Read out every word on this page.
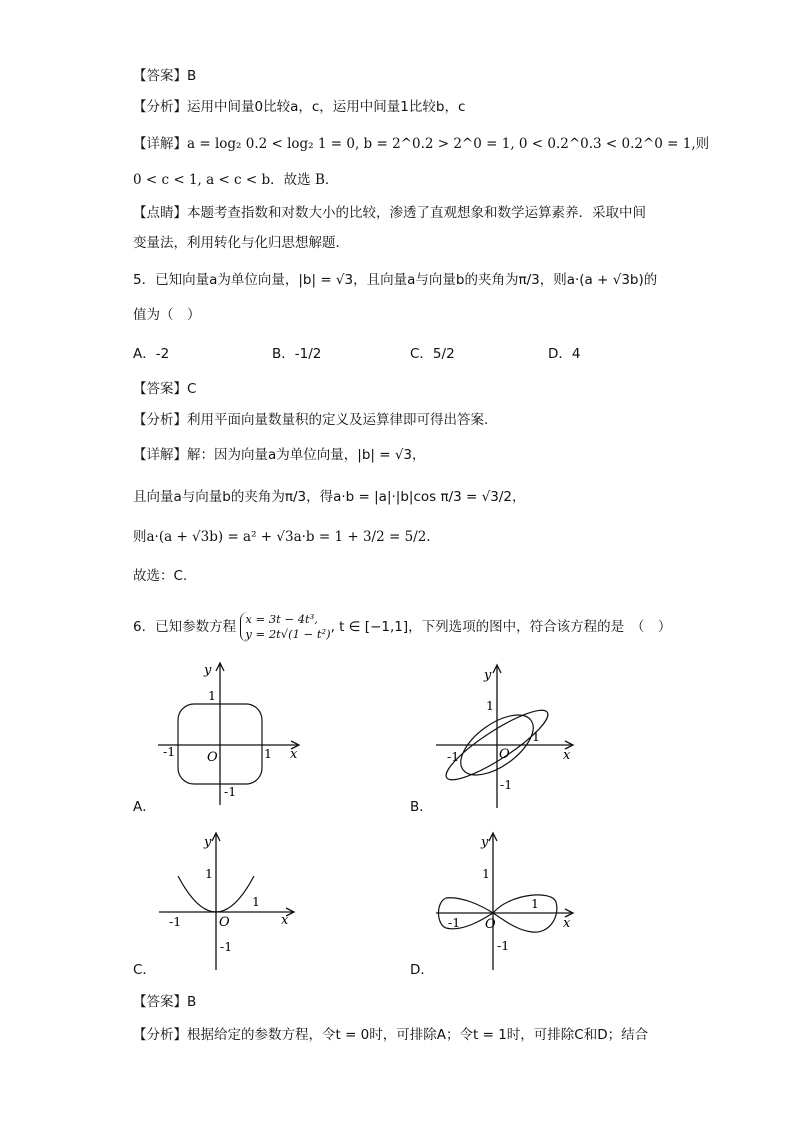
【答案】B
【分析】运用中间量0比较a，c，运用中间量1比较b，c
【详解】a = log₂ 0.2 < log₂ 1 = 0, b = 2^0.2 > 2^0 = 1, 0 < 0.2^0.3 < 0.2^0 = 1,则
0 < c < 1, a < c < b．故选 B．
【点睛】本题考查指数和对数大小的比较，渗透了直观想象和数学运算素养．采取中间
变量法，利用转化与化归思想解题．
5．已知向量a为单位向量，|b| = √3，且向量a与向量b的夹角为π/3，则a·(a + √3b)的
值为（　）
A．-2	B．-1/2	C．5/2	D．4
【答案】C
【分析】利用平面向量数量积的定义及运算律即可得出答案.
【详解】解：因为向量a为单位向量，|b| = √3，
且向量a与向量b的夹角为π/3，得a·b = |a|·|b|cos π/3 = √3/2，
则a·(a + √3b) = a² + √3a·b = 1 + 3/2 = 5/2.
故选：C.
6．已知参数方程 x = 3t − 4t³,
y = 2t√(1 − t²) , t ∈ [−1,1]，下列选项的图中，符合该方程的是　（　）
x
y
O
1
1
-1
-1
A．
x
y
O
1
1
-1
-1
B．
x
y
O
1
1
-1
-1
C．
x
y
O
1
1
-1
-1
D．
【答案】B
【分析】根据给定的参数方程，令t = 0时，可排除A；令t = 1时，可排除C和D；结合
